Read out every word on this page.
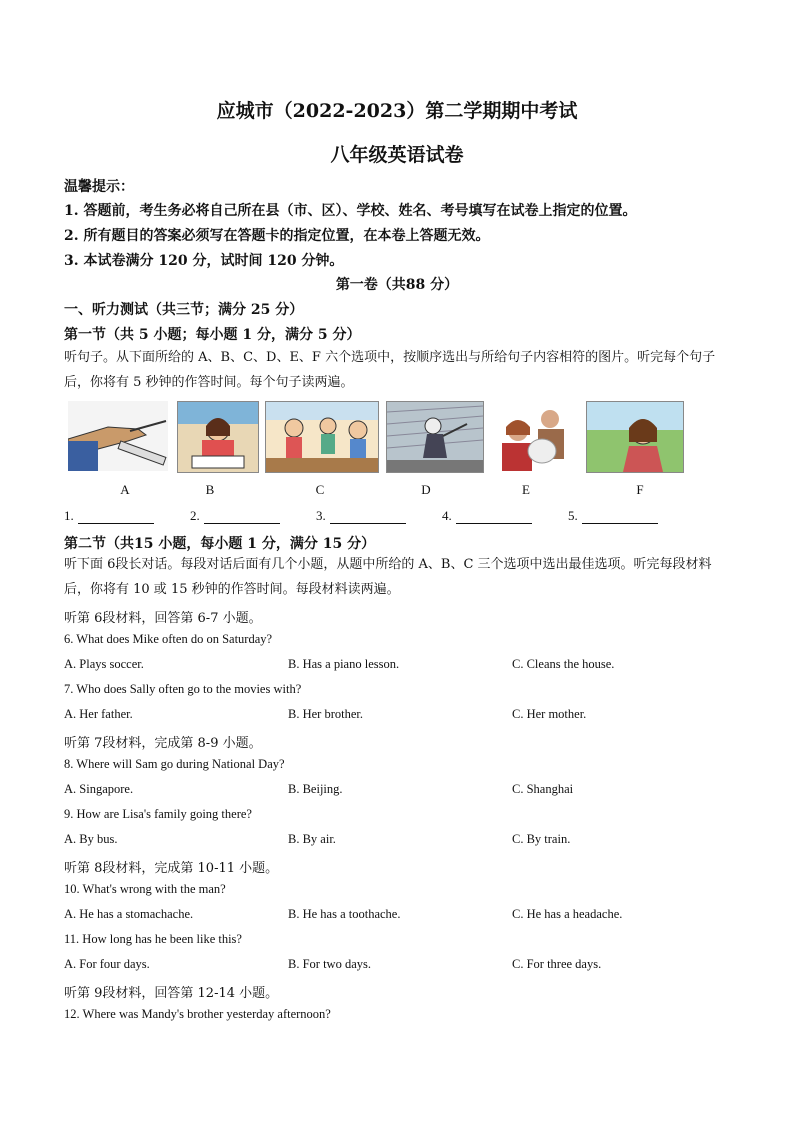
应城市（2022-2023）第二学期期中考试
八年级英语试卷
温馨提示：
1. 答题前，考生务必将自己所在县（市、区）、学校、姓名、考号填写在试卷上指定的位置。
2. 所有题目的答案必须写在答题卡的指定位置，在本卷上答题无效。
3. 本试卷满分 120 分，试时间 120 分钟。
第一卷（共88 分）
一、听力测试（共三节；满分 25 分）
第一节（共 5 小题；每小题 1 分，满分 5 分）
听句子。从下面所给的 A、B、C、D、E、F 六个选项中，按顺序选出与所给句子内容相符的图片。听完每个句子后，你将有 5 秒钟的作答时间。每个句子读两遍。
A	B	C	D	E	F
1.	2.	3.	4.	5.
第二节（共15 小题，每小题 1 分，满分 15 分）
听下面 6段长对话。每段对话后面有几个小题，从题中所给的 A、B、C 三个选项中选出最佳选项。听完每段材料后，你将有 10 或 15 秒钟的作答时间。每段材料读两遍。
听第 6段材料，回答第 6-7 小题。
6. What does Mike often do on Saturday?
A. Plays soccer.	B. Has a piano lesson.	C. Cleans the house.
7. Who does Sally often go to the movies with?
A. Her father.	B. Her brother.	C. Her mother.
听第 7段材料，完成第 8-9 小题。
8. Where will Sam go during National Day?
A. Singapore.	B. Beijing.	C. Shanghai
9. How are Lisa's family going there?
A. By bus.	B. By air.	C. By train.
听第 8段材料，完成第 10-11 小题。
10. What's wrong with the man?
A. He has a stomachache.	B. He has a toothache.	C. He has a headache.
11. How long has he been like this?
A. For four days.	B. For two days.	C. For three days.
听第 9段材料，回答第 12-14 小题。
12. Where was Mandy's brother yesterday afternoon?
